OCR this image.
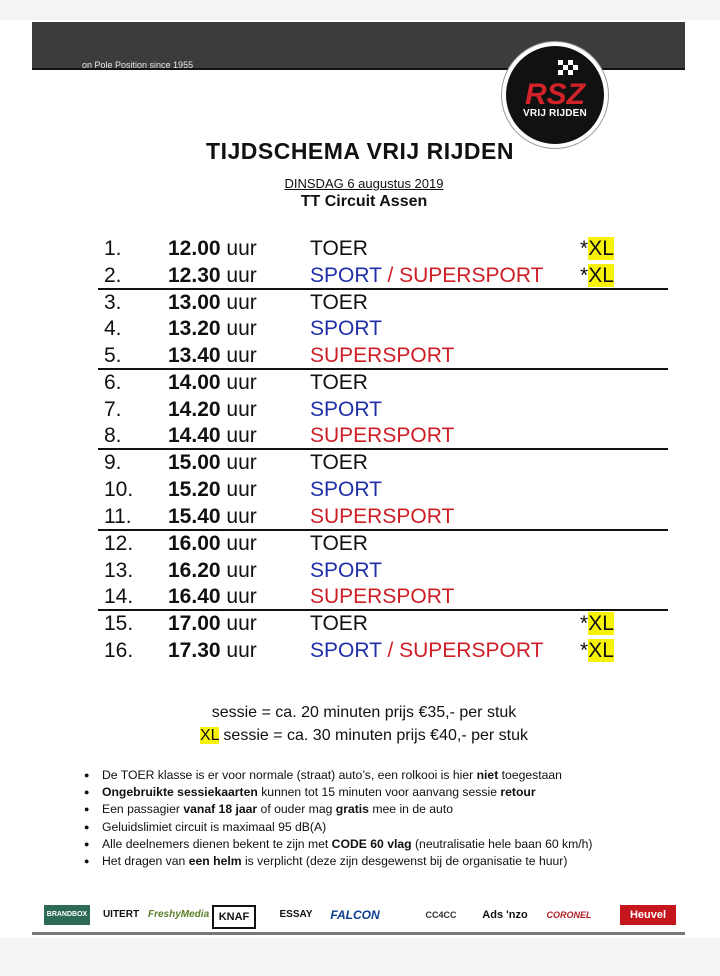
on Pole Position since 1955
RSZ
VRIJ RIJDEN
TIJDSCHEMA VRIJ RIJDEN
DINSDAG 6 augustus 2019
TT Circuit Assen
1. 12.00 uur	TOER	*XL
2. 12.30 uur	SPORT / SUPERSPORT *XL
3. 13.00 uur	TOER
4. 13.20 uur	SPORT
5. 13.40 uur	SUPERSPORT
6. 14.00 uur	TOER
7. 14.20 uur	SPORT
8. 14.40 uur	SUPERSPORT
9. 15.00 uur	TOER
10. 15.20 uur	SPORT
11. 15.40 uur	SUPERSPORT
12. 16.00 uur	TOER
13. 16.20 uur	SPORT
14. 16.40 uur	SUPERSPORT
15. 17.00 uur	TOER	*XL
16. 17.30 uur	SPORT / SUPERSPORT *XL
sessie = ca. 20 minuten prijs €35,- per stuk
XL sessie = ca. 30 minuten prijs €40,- per stuk
● De TOER klasse is er voor normale (straat) auto’s, een rolkooi is hier niet toegestaan
● Ongebruikte sessiekaarten kunnen tot 15 minuten voor aanvang sessie retour
● Een passagier vanaf 18 jaar of ouder mag gratis mee in de auto
● Geluidslimiet circuit is maximaal 95 dB(A)
● Alle deelnemers dienen bekent te zijn met CODE 60 vlag (neutralisatie hele baan 60 km/h)
● Het dragen van een helm is verplicht (deze zijn desgewenst bij de organisatie te huur)
BRANDBOX UITERT FreshyMedia KNAF	ESSAY	FALCON	CC4CC	Ads 'nzo	CORONEL	Heuvel
